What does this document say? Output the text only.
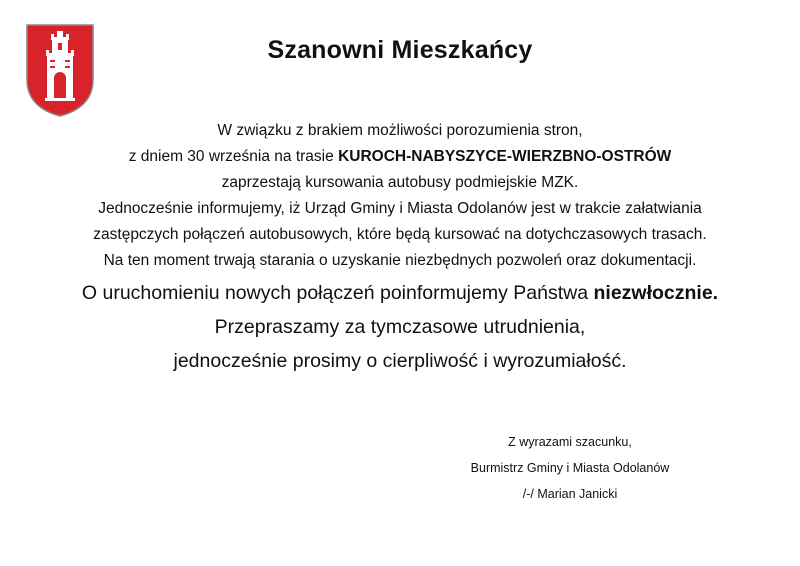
Szanowni Mieszkańcy
W związku z brakiem możliwości porozumienia stron,
z dniem 30 września na trasie KUROCH-NABYSZYCE-WIERZBNO-OSTRÓW
zaprzestają kursowania autobusy podmiejskie MZK.
Jednocześnie informujemy, iż Urząd Gminy i Miasta Odolanów jest w trakcie załatwiania
zastępczych połączeń autobusowych, które będą kursować na dotychczasowych trasach.
Na ten moment trwają starania o uzyskanie niezbędnych pozwoleń oraz dokumentacji.
O uruchomieniu nowych połączeń poinformujemy Państwa niezwłocznie.
Przepraszamy za tymczasowe utrudnienia,
jednocześnie prosimy o cierpliwość i wyrozumiałość.
Z wyrazami szacunku,
Burmistrz Gminy i Miasta Odolanów
/-/ Marian Janicki
